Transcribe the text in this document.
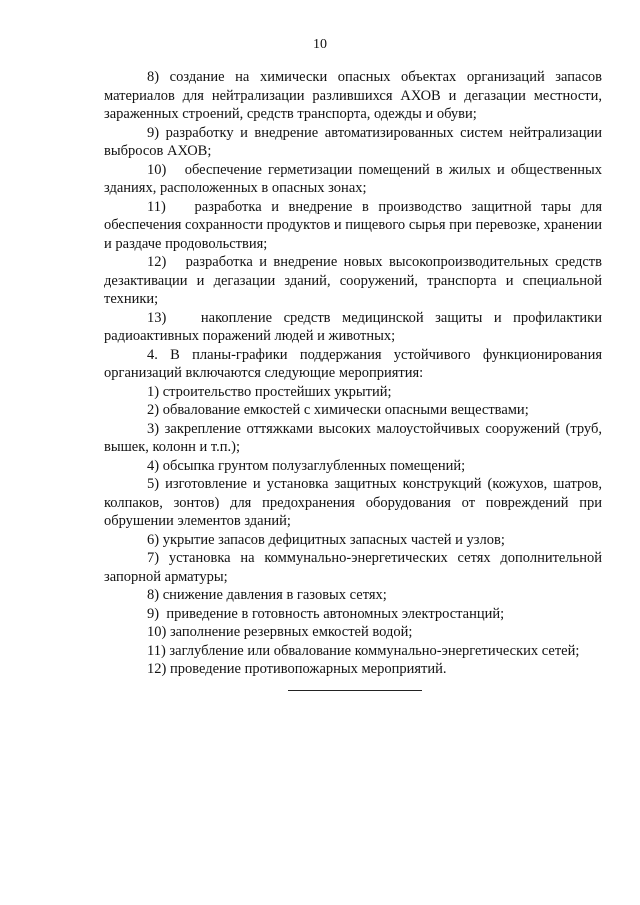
10

8) создание на химически опасных объектах организаций запасов материалов для нейтрализации разлившихся АХОВ и дегазации местности, зараженных строений, средств транспорта, одежды и обуви;

9) разработку и внедрение автоматизированных систем нейтрализации выбросов АХОВ;

10)   обеспечение герметизации помещений в жилых и общественных зданиях, расположенных в опасных зонах;

11)   разработка и внедрение в производство защитной тары для обеспечения сохранности продуктов и пищевого сырья при перевозке, хранении и раздаче продовольствия;

12)   разработка и внедрение новых высокопроизводительных средств дезактивации и дегазации зданий, сооружений, транспорта и специальной техники;

13)   накопление средств медицинской защиты и профилактики радиоактивных поражений людей и животных;

4. В планы-графики поддержания устойчивого функционирования организаций включаются следующие мероприятия:

1) строительство простейших укрытий;

2) обвалование емкостей с химически опасными веществами;

3) закрепление оттяжками высоких малоустойчивых сооружений (труб, вышек, колонн и т.п.);

4) обсыпка грунтом полузаглубленных помещений;

5) изготовление и установка защитных конструкций (кожухов, шатров, колпаков, зонтов) для предохранения оборудования от повреждений при обрушении элементов зданий;

6) укрытие запасов дефицитных запасных частей и узлов;

7) установка на коммунально-энергетических сетях дополнительной запорной арматуры;

8) снижение давления в газовых сетях;

9)  приведение в готовность автономных электростанций;

10) заполнение резервных емкостей водой;

11) заглубление или обвалование коммунально-энергетических сетей;

12) проведение противопожарных мероприятий.
